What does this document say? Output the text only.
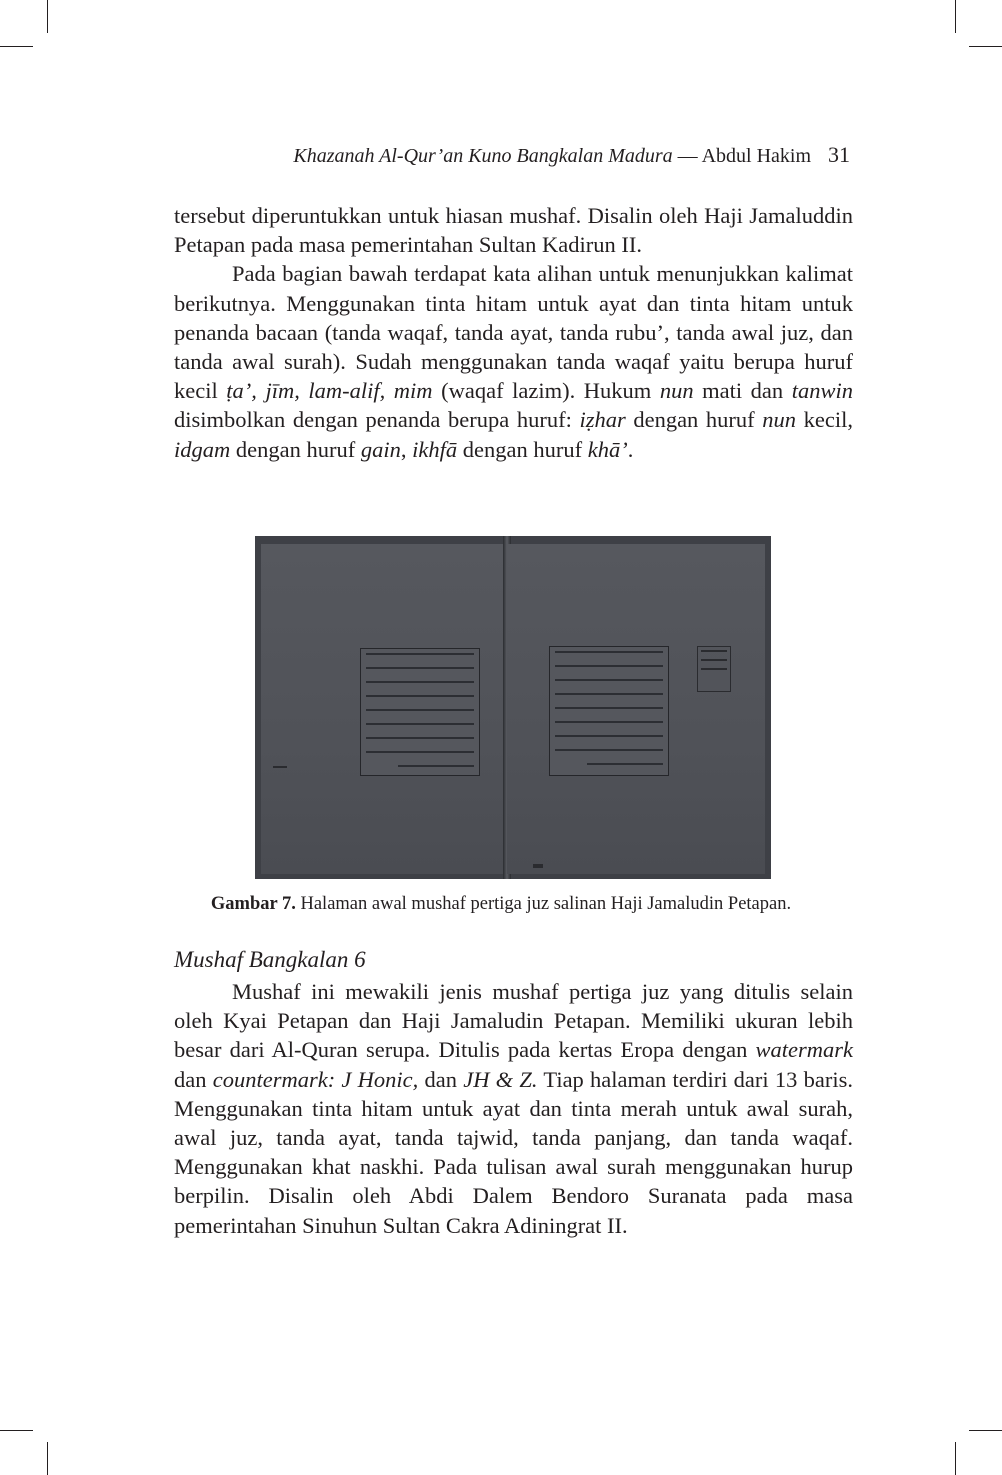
Khazanah Al-Qur’an Kuno Bangkalan Madura — Abdul Hakim 31

tersebut diperuntukkan untuk hiasan mushaf. Disalin oleh Haji Jamaluddin Petapan pada masa pemerintahan Sultan Kadirun II.

Pada bagian bawah terdapat kata alihan untuk menunjukkan kalimat berikutnya. Menggunakan tinta hitam untuk ayat dan tinta hitam untuk penanda bacaan (tanda waqaf, tanda ayat, tanda rubu’, tanda awal juz, dan tanda awal surah). Sudah menggunakan tanda waqaf yaitu berupa huruf kecil ṭa’, jīm, lam-alif, mim (waqaf lazim). Hukum nun mati dan tanwin disimbolkan dengan penanda berupa huruf: iẓhar dengan huruf nun kecil, idgam dengan huruf gain, ikhfā dengan huruf khā’.

Gambar 7. Halaman awal mushaf pertiga juz salinan Haji Jamaludin Petapan.
Mushaf Bangkalan 6

Mushaf ini mewakili jenis mushaf pertiga juz yang ditulis selain oleh Kyai Petapan dan Haji Jamaludin Petapan. Memiliki ukuran lebih besar dari Al-Quran serupa. Ditulis pada kertas Eropa dengan watermark dan countermark: J Honic, dan JH & Z. Tiap halaman terdiri dari 13 baris. Menggunakan tinta hitam untuk ayat dan tinta merah untuk awal surah, awal juz, tanda ayat, tanda tajwid, tanda panjang, dan tanda waqaf. Menggunakan khat naskhi. Pada tulisan awal surah menggunakan hurup berpilin. Disalin oleh Abdi Dalem Bendoro Suranata pada masa pemerintahan Sinuhun Sultan Cakra Adiningrat II.
